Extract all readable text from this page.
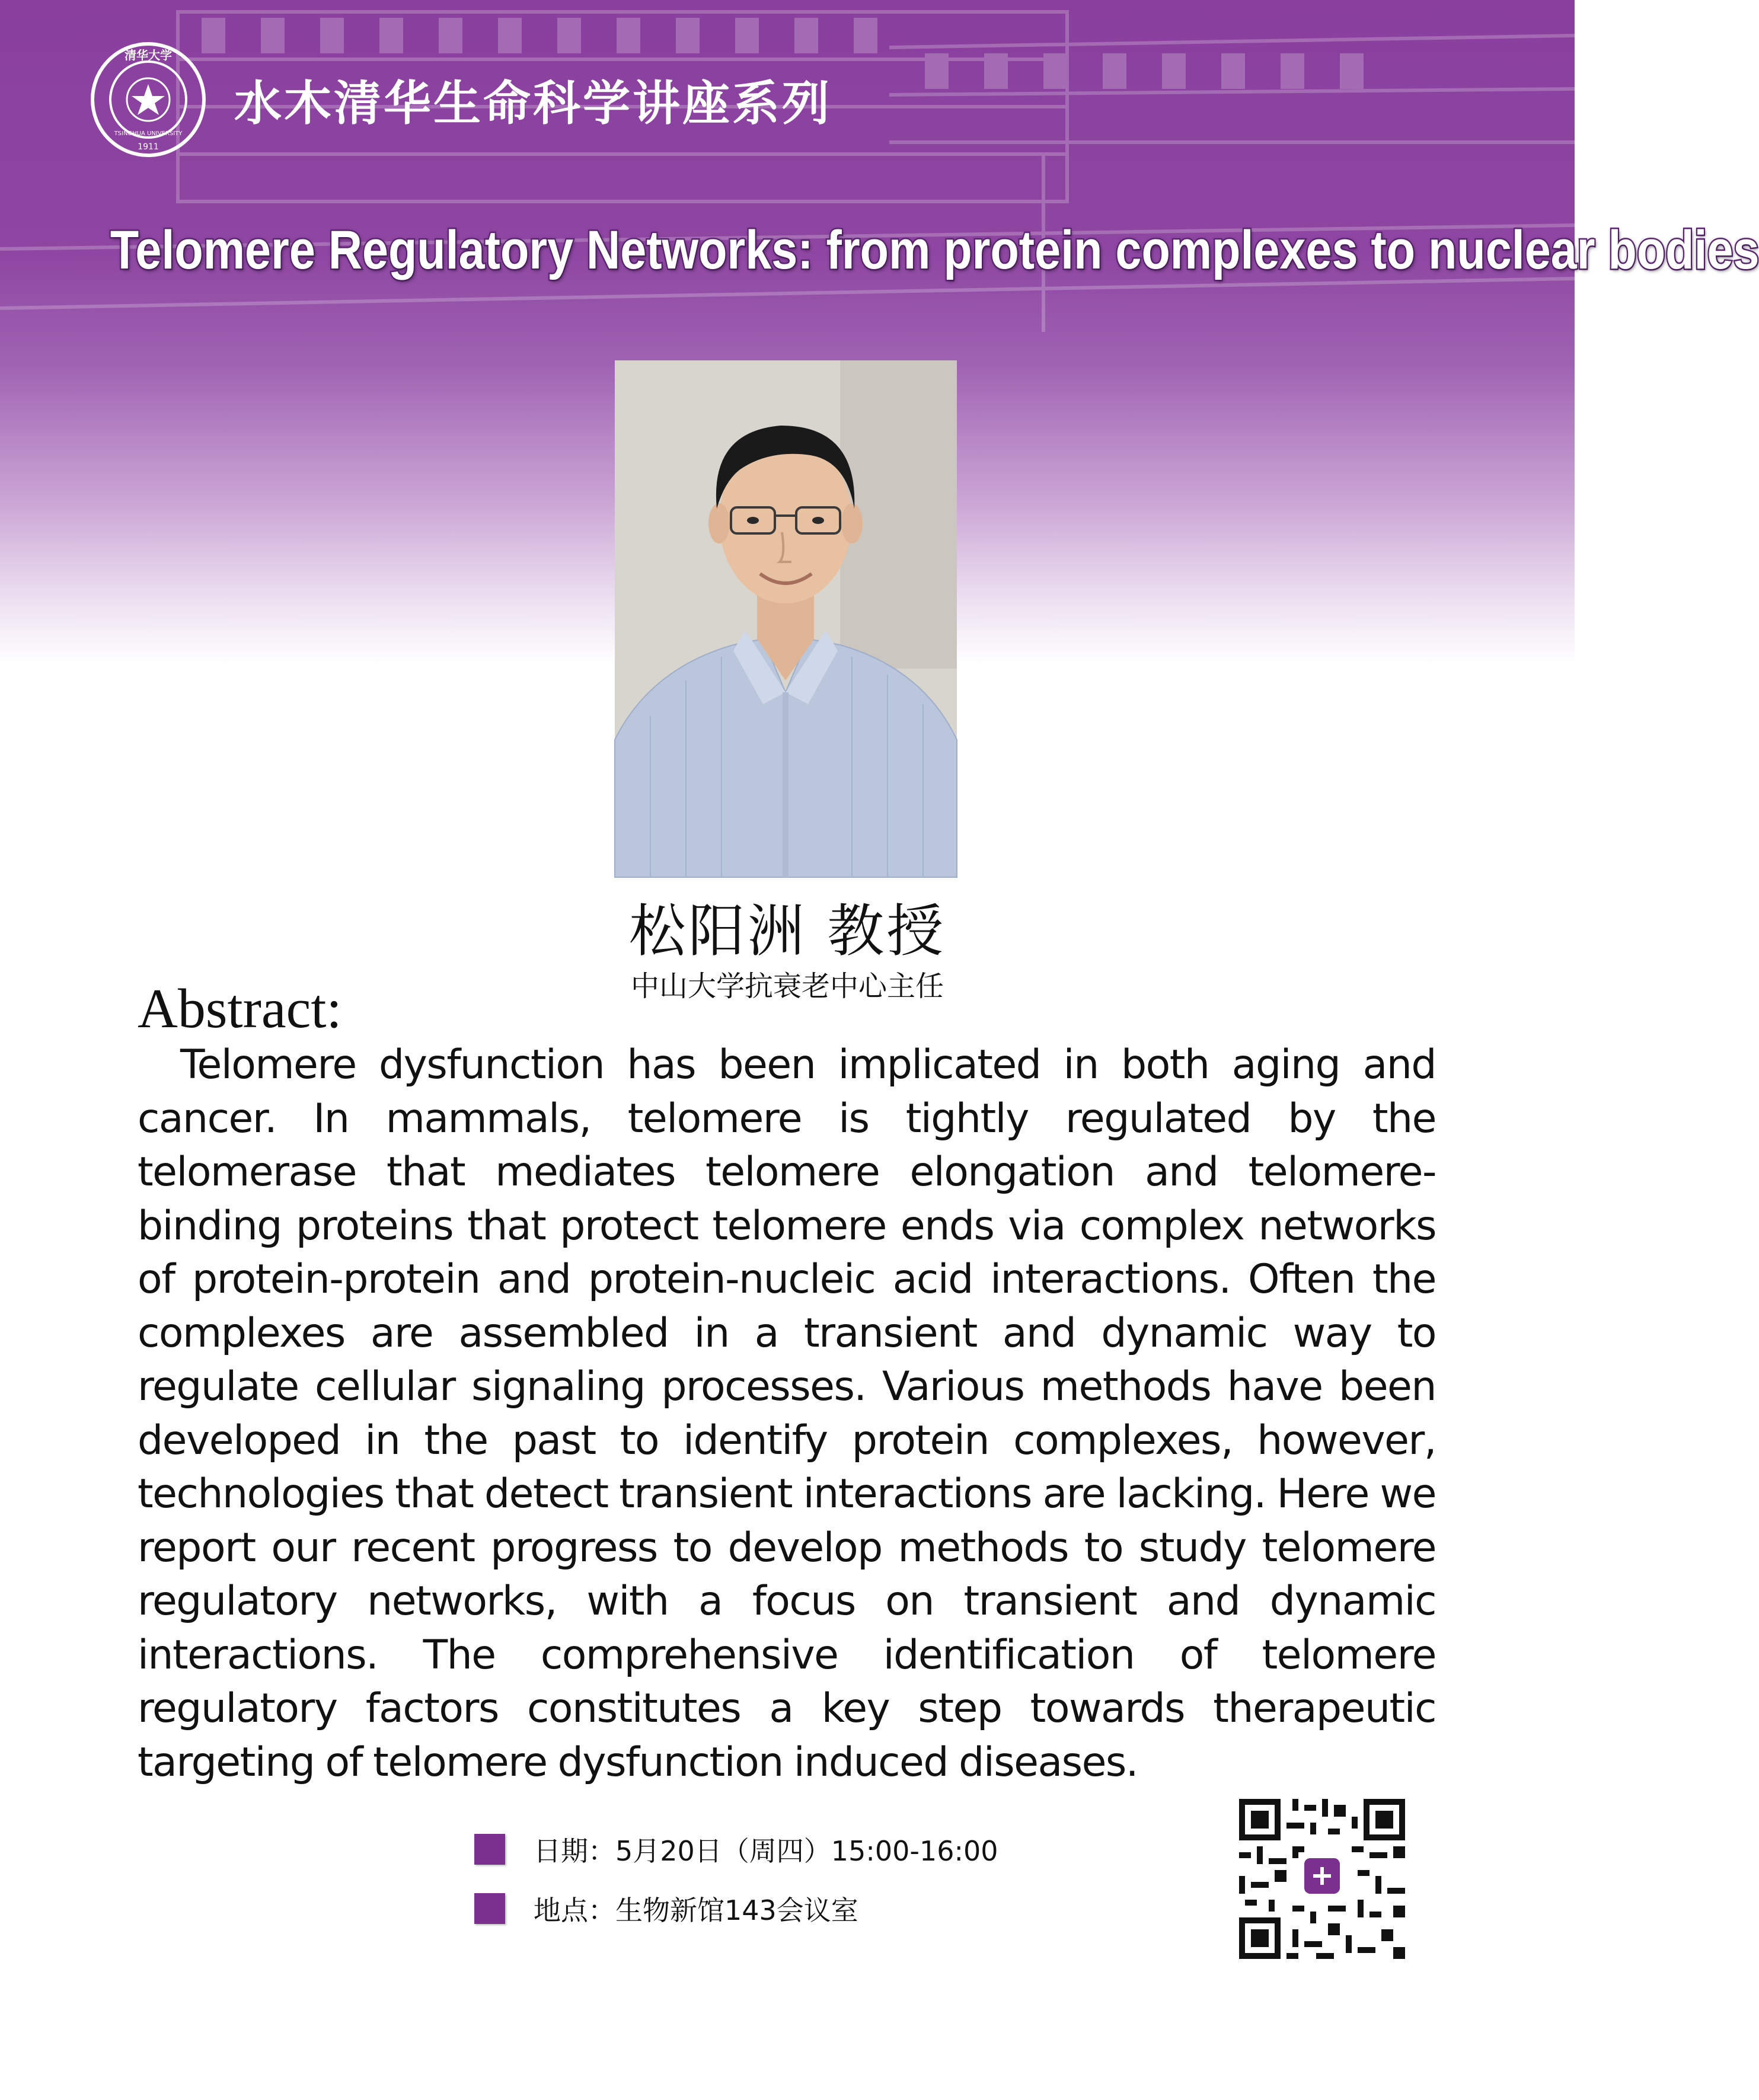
清华大学
1911
TSINGHUA UNIVERSITY
水木清华生命科学讲座系列
Telomere Regulatory Networks: from protein complexes to nuclear bodies
松阳洲 教授
中山大学抗衰老中心主任
Abstract:
Telomere dysfunction has been implicated in both aging and cancer. In mammals, telomere is tightly regulated by the telomerase that mediates telomere elongation and telomere-binding proteins that protect telomere ends via complex networks of protein-protein and protein-nucleic acid interactions. Often the complexes are assembled in a transient and dynamic way to regulate cellular signaling processes. Various methods have been developed in the past to identify protein complexes, however, technologies that detect transient interactions are lacking. Here we report our recent progress to develop methods to study telomere regulatory networks, with a focus on transient and dynamic interactions. The comprehensive identification of telomere regulatory factors constitutes a key step towards therapeutic targeting of telomere dysfunction induced diseases.
日期：5月20日（周四）15:00-16:00
地点：生物新馆143会议室
